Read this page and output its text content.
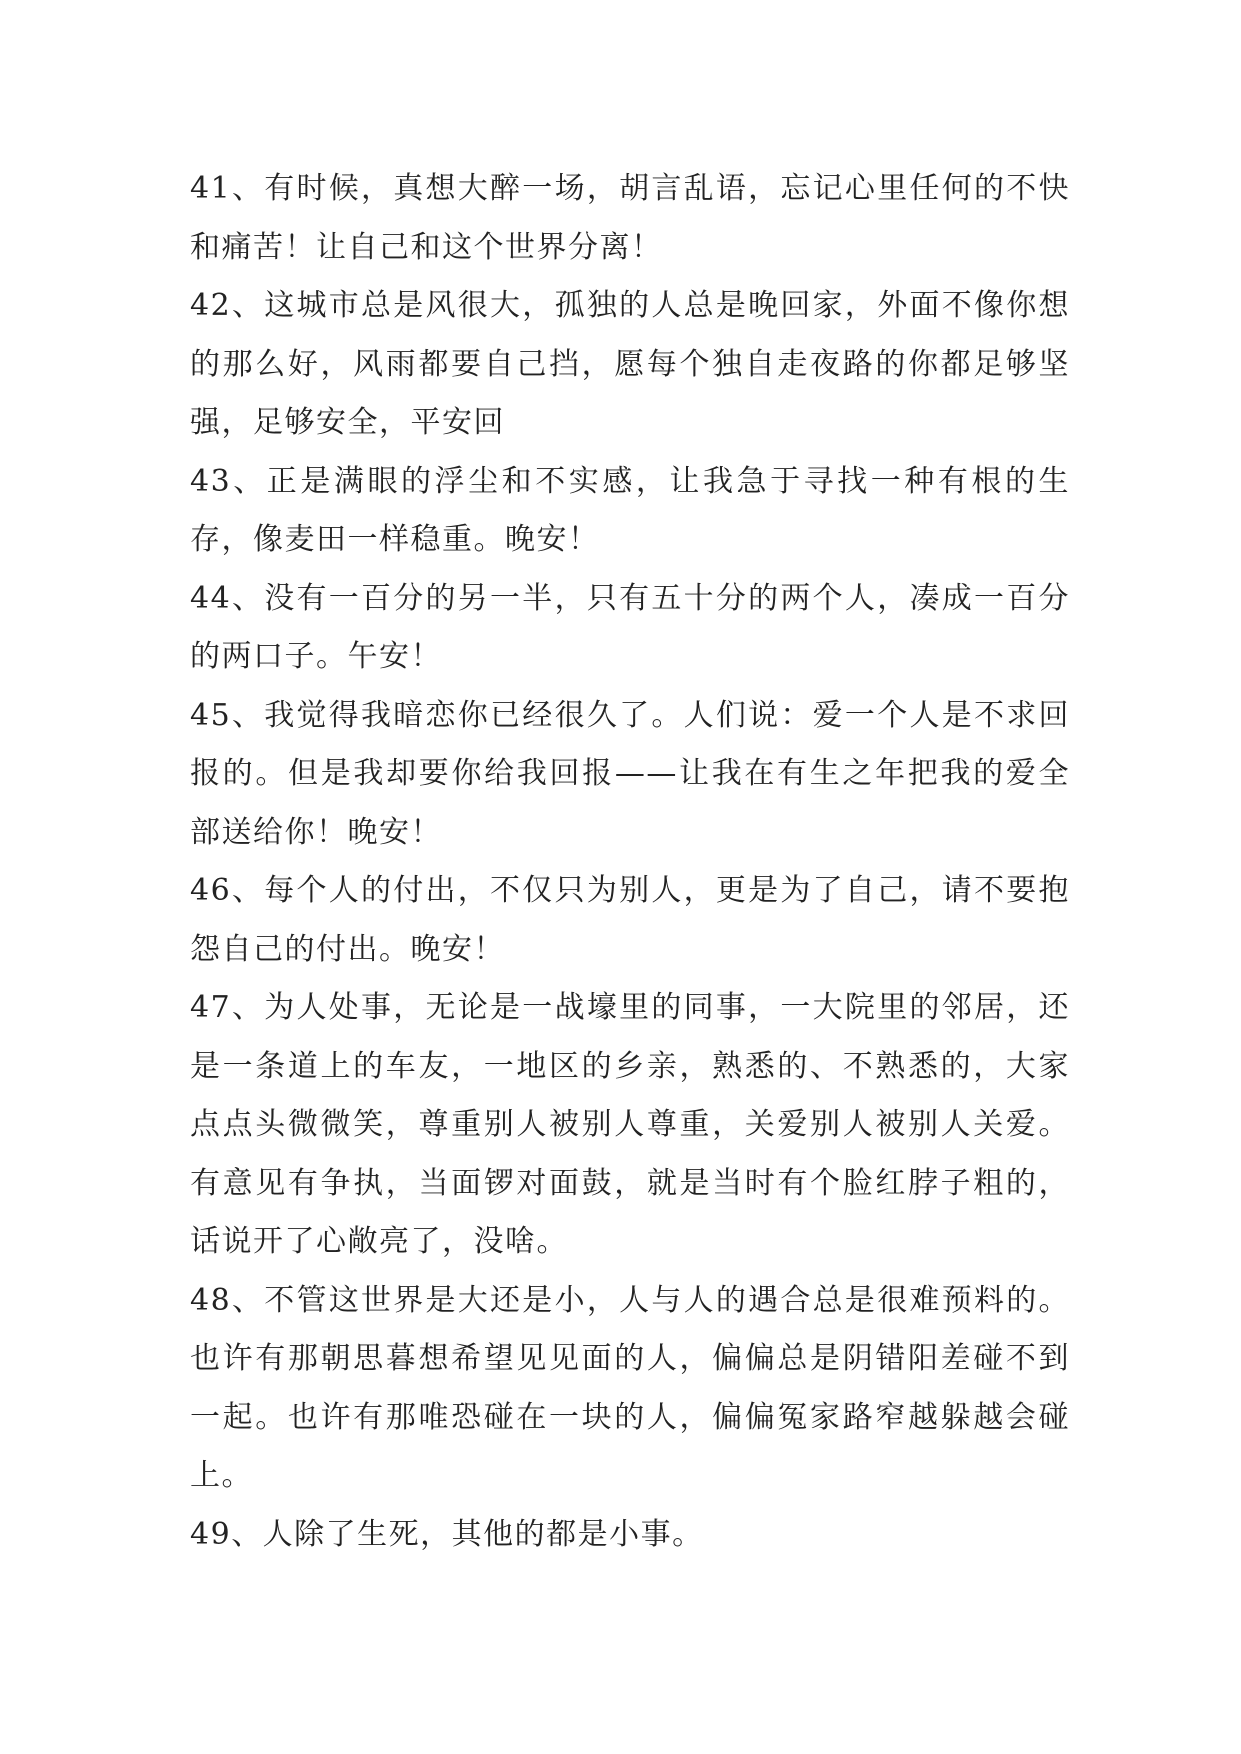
41、有时候，真想大醉一场，胡言乱语，忘记心里任何的不快和痛苦！让自己和这个世界分离！

42、这城市总是风很大，孤独的人总是晚回家，外面不像你想的那么好，风雨都要自己挡，愿每个独自走夜路的你都足够坚强，足够安全，平安回

43、正是满眼的浮尘和不实感，让我急于寻找一种有根的生存，像麦田一样稳重。晚安！

44、没有一百分的另一半，只有五十分的两个人，凑成一百分的两口子。午安！

45、我觉得我暗恋你已经很久了。人们说：爱一个人是不求回报的。但是我却要你给我回报——让我在有生之年把我的爱全部送给你！晚安！

46、每个人的付出，不仅只为别人，更是为了自己，请不要抱怨自己的付出。晚安！

47、为人处事，无论是一战壕里的同事，一大院里的邻居，还是一条道上的车友，一地区的乡亲，熟悉的、不熟悉的，大家点点头微微笑，尊重别人被别人尊重，关爱别人被别人关爱。有意见有争执，当面锣对面鼓，就是当时有个脸红脖子粗的，话说开了心敞亮了，没啥。

48、不管这世界是大还是小，人与人的遇合总是很难预料的。也许有那朝思暮想希望见见面的人，偏偏总是阴错阳差碰不到一起。也许有那唯恐碰在一块的人，偏偏冤家路窄越躲越会碰上。

49、人除了生死，其他的都是小事。
